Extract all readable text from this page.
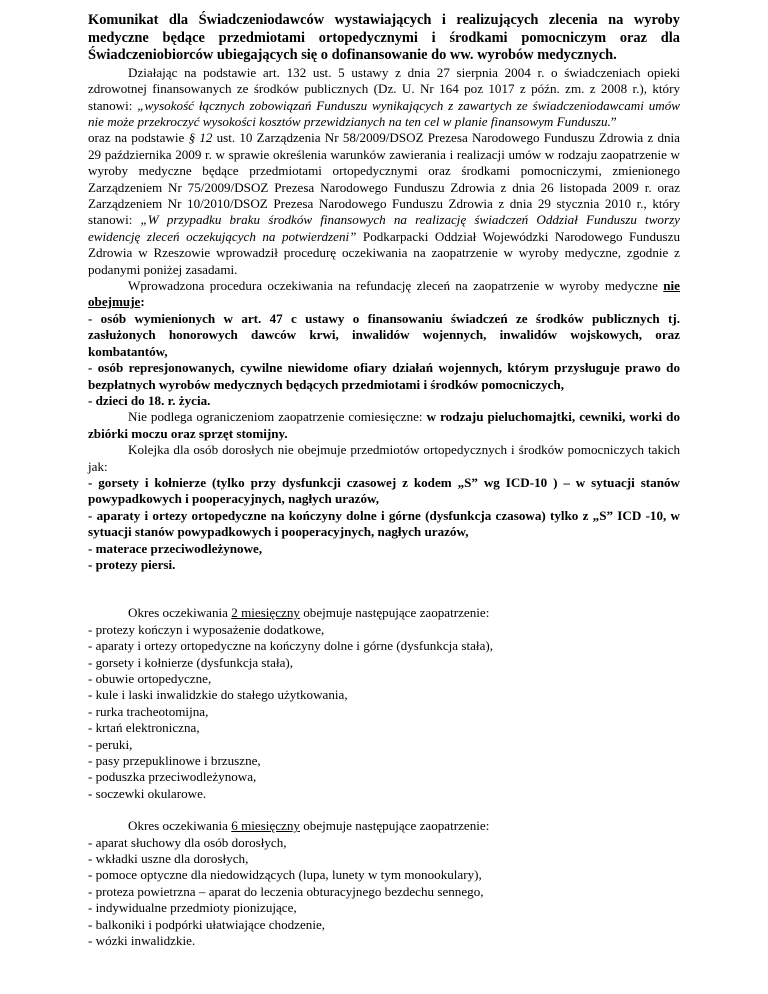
Komunikat dla Świadczeniodawców wystawiających i realizujących zlecenia na wyroby medyczne będące przedmiotami ortopedycznymi i środkami pomocniczym oraz dla Świadczeniobiorców ubiegających się o dofinansowanie do ww. wyrobów medycznych.
Działając na podstawie art. 132 ust. 5 ustawy z dnia 27 sierpnia 2004 r. o świadczeniach opieki zdrowotnej finansowanych ze środków publicznych (Dz. U. Nr 164 poz 1017 z późn. zm. z 2008 r.), który stanowi: „wysokość łącznych zobowiązań Funduszu wynikających z zawartych ze świadczeniodawcami umów nie może przekroczyć wysokości kosztów przewidzianych na ten cel w planie finansowym Funduszu.”
oraz na podstawie § 12 ust. 10 Zarządzenia Nr 58/2009/DSOZ Prezesa Narodowego Funduszu Zdrowia z dnia 29 października 2009 r. w sprawie określenia warunków zawierania i realizacji umów w rodzaju zaopatrzenie w wyroby medyczne będące przedmiotami ortopedycznymi oraz środkami pomocniczymi, zmienionego Zarządzeniem Nr 75/2009/DSOZ Prezesa Narodowego Funduszu Zdrowia z dnia 26 listopada 2009 r. oraz Zarządzeniem Nr 10/2010/DSOZ Prezesa Narodowego Funduszu Zdrowia z dnia 29 stycznia 2010 r., który stanowi: „W przypadku braku środków finansowych na realizację świadczeń Oddział Funduszu tworzy ewidencję zleceń oczekujących na potwierdzeni” Podkarpacki Oddział Wojewódzki Narodowego Funduszu Zdrowia w Rzeszowie wprowadził procedurę oczekiwania na zaopatrzenie w wyroby medyczne, zgodnie z podanymi poniżej zasadami.
Wprowadzona procedura oczekiwania na refundację zleceń na zaopatrzenie w wyroby medyczne nie obejmuje:
- osób wymienionych w art. 47 c ustawy o finansowaniu świadczeń ze środków publicznych tj. zasłużonych honorowych dawców krwi, inwalidów wojennych, inwalidów wojskowych, oraz kombatantów,
- osób represjonowanych, cywilne niewidome ofiary działań wojennych, którym przysługuje prawo do bezpłatnych wyrobów medycznych będących przedmiotami i środków pomocniczych,
- dzieci do 18. r. życia.
Nie podlega ograniczeniom zaopatrzenie comiesięczne: w rodzaju pieluchomajtki, cewniki, worki do zbiórki moczu oraz sprzęt stomijny.
Kolejka dla osób dorosłych nie obejmuje przedmiotów ortopedycznych i środków pomocniczych takich jak:
- gorsety i kołnierze (tylko przy dysfunkcji czasowej z kodem „S” wg ICD-10 ) – w sytuacji stanów powypadkowych i pooperacyjnych, nagłych urazów,
- aparaty i ortezy ortopedyczne na kończyny dolne i górne (dysfunkcja czasowa) tylko z „S” ICD -10, w sytuacji stanów powypadkowych i pooperacyjnych, nagłych urazów,
- materace przeciwodleżynowe,
- protezy piersi.
Okres oczekiwania 2 miesięczny obejmuje następujące zaopatrzenie:
- protezy kończyn i wyposażenie dodatkowe,
- aparaty i ortezy ortopedyczne na kończyny dolne i górne (dysfunkcja stała),
- gorsety i kołnierze (dysfunkcja stała),
- obuwie ortopedyczne,
- kule i laski inwalidzkie do stałego użytkowania,
- rurka tracheotomijna,
- krtań elektroniczna,
- peruki,
- pasy przepuklinowe i brzuszne,
- poduszka przeciwodleżynowa,
- soczewki okularowe.
Okres oczekiwania 6 miesięczny obejmuje następujące zaopatrzenie:
- aparat słuchowy dla osób dorosłych,
- wkładki uszne dla dorosłych,
- pomoce optyczne dla niedowidzących (lupa, lunety w tym monookulary),
- proteza powietrzna – aparat do leczenia obturacyjnego bezdechu sennego,
- indywidualne przedmioty pionizujące,
- balkoniki i podpórki ułatwiające chodzenie,
- wózki inwalidzkie.
